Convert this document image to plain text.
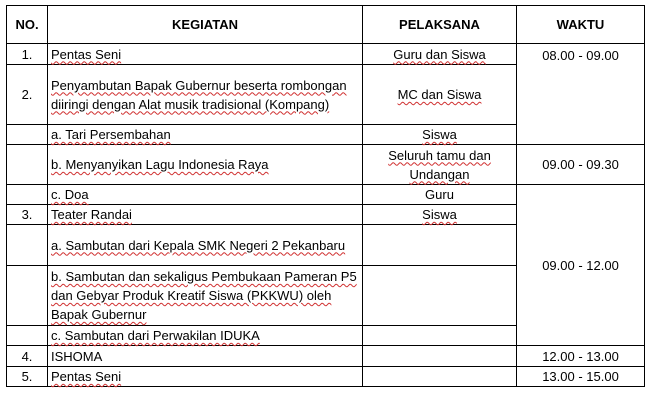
NO.	KEGIATAN	PELAKSANA	WAKTU
1.	Pentas Seni	Guru dan Siswa	08.00 - 09.00
2.	Penyambutan Bapak Gubernur beserta rombongan diiringi dengan Alat musik tradisional (Kompang)	MC dan Siswa	
	a. Tari Persembahan	Siswa	
	b. Menyanyikan Lagu Indonesia Raya	Seluruh tamu dan Undangan	09.00 - 09.30
	c. Doa	Guru	09.00 - 12.00
3.	Teater Randai	Siswa	
	a. Sambutan dari Kepala SMK Negeri 2 Pekanbaru		
	b. Sambutan dan sekaligus Pembukaan Pameran P5 dan Gebyar Produk Kreatif Siswa (PKKWU) oleh Bapak Gubernur		
	c. Sambutan dari Perwakilan IDUKA		
4.	ISHOMA		12.00 - 13.00
5.	Pentas Seni		13.00 - 15.00
